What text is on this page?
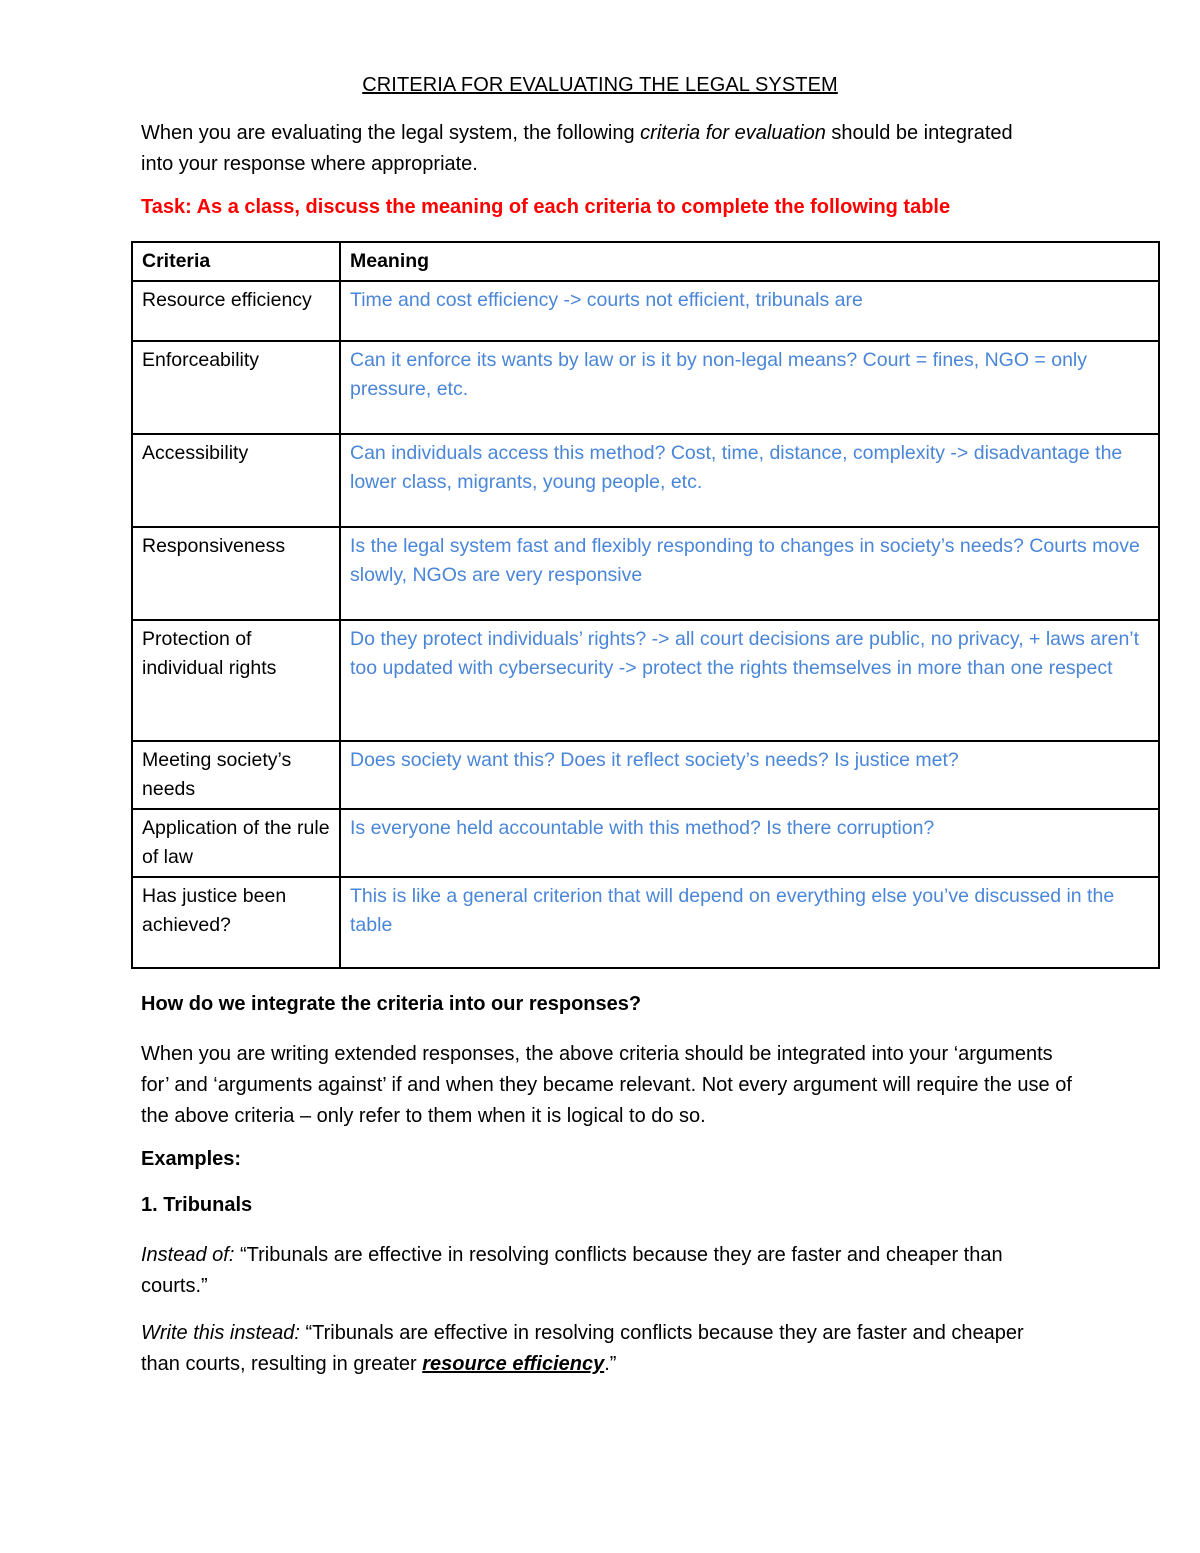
CRITERIA FOR EVALUATING THE LEGAL SYSTEM
When you are evaluating the legal system, the following criteria for evaluation should be integrated into your response where appropriate.
Task: As a class, discuss the meaning of each criteria to complete the following table
Criteria	Meaning
Resource efficiency	Time and cost efficiency -> courts not efficient, tribunals are
Enforceability	Can it enforce its wants by law or is it by non-legal means? Court = fines, NGO = only pressure, etc.
Accessibility	Can individuals access this method? Cost, time, distance, complexity -> disadvantage the lower class, migrants, young people, etc.
Responsiveness	Is the legal system fast and flexibly responding to changes in society’s needs? Courts move slowly, NGOs are very responsive
Protection of individual rights	Do they protect individuals’ rights? -> all court decisions are public, no privacy, + laws aren’t too updated with cybersecurity -> protect the rights themselves in more than one respect
Meeting society’s needs	Does society want this? Does it reflect society’s needs? Is justice met?
Application of the rule of law	Is everyone held accountable with this method? Is there corruption?
Has justice been achieved?	This is like a general criterion that will depend on everything else you’ve discussed in the table
How do we integrate the criteria into our responses?
When you are writing extended responses, the above criteria should be integrated into your ‘arguments for’ and ‘arguments against’ if and when they became relevant. Not every argument will require the use of the above criteria – only refer to them when it is logical to do so.
Examples:
1. Tribunals
Instead of: “Tribunals are effective in resolving conflicts because they are faster and cheaper than courts.”
Write this instead: “Tribunals are effective in resolving conflicts because they are faster and cheaper than courts, resulting in greater resource efficiency.”
